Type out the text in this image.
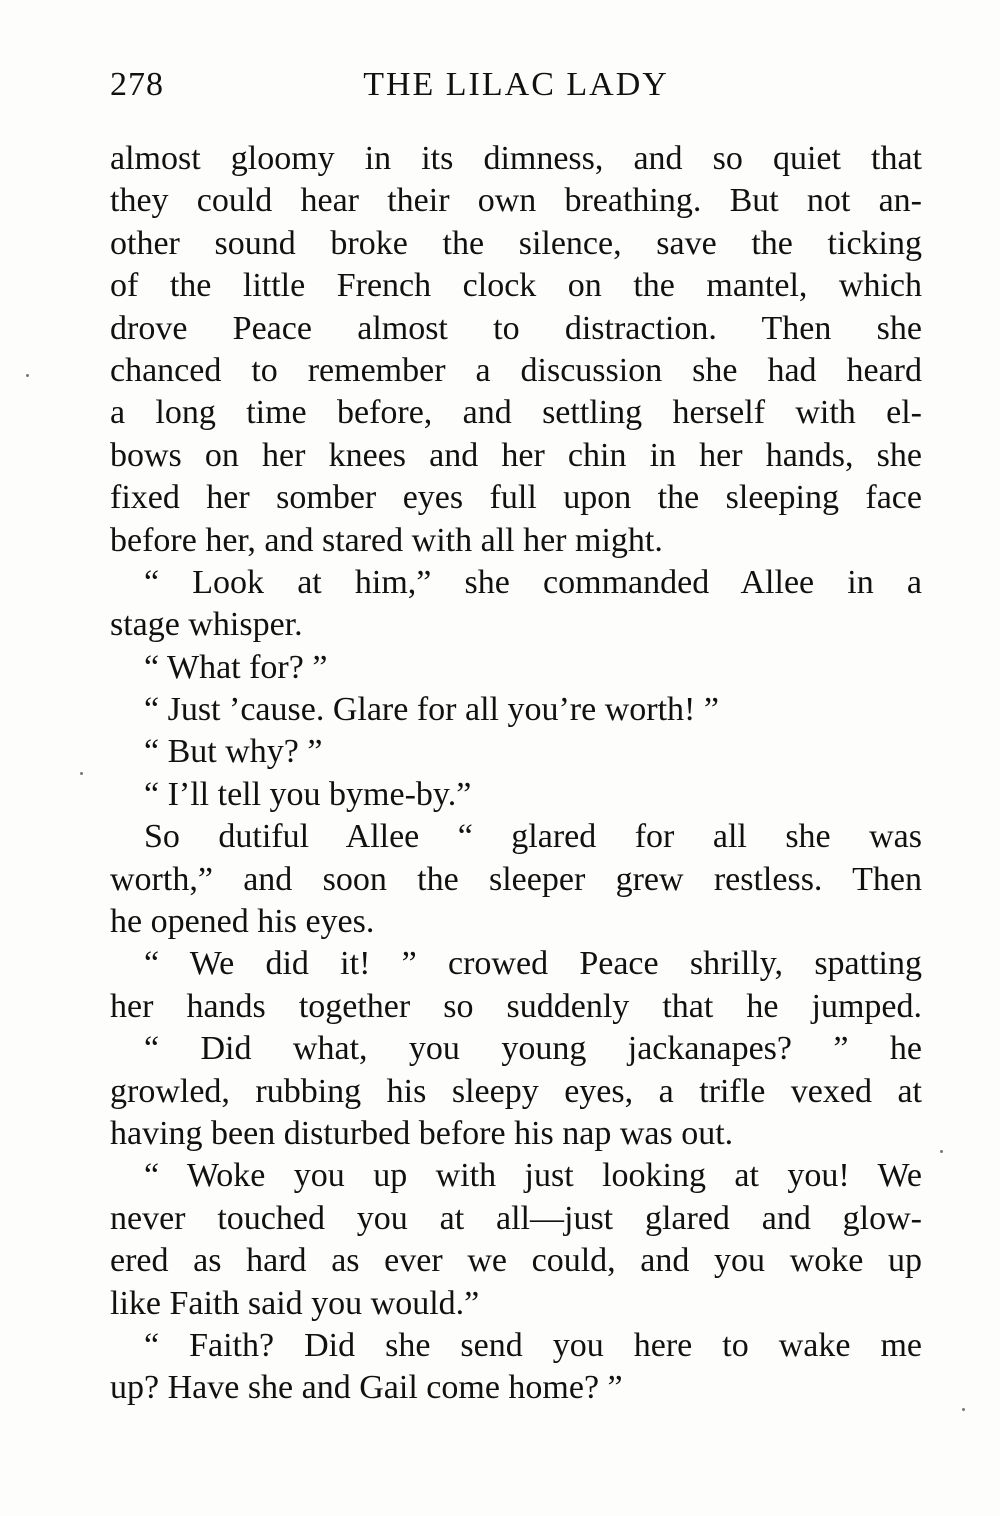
278	THE LILAC LADY
almost gloomy in its dimness, and so quiet that
they could hear their own breathing. But not an-
other sound broke the silence, save the ticking
of the little French clock on the mantel, which
drove Peace almost to distraction. Then she
chanced to remember a discussion she had heard
a long time before, and settling herself with el-
bows on her knees and her chin in her hands, she
fixed her somber eyes full upon the sleeping face
before her, and stared with all her might.
“ Look at him,” she commanded Allee in a
stage whisper.
“ What for? ”
“ Just ’cause. Glare for all you’re worth! ”
“ But why? ”
“ I’ll tell you byme-by.”
So dutiful Allee “ glared for all she was
worth,” and soon the sleeper grew restless. Then
he opened his eyes.
“ We did it! ” crowed Peace shrilly, spatting
her hands together so suddenly that he jumped.
“ Did what, you young jackanapes? ” he
growled, rubbing his sleepy eyes, a trifle vexed at
having been disturbed before his nap was out.
“ Woke you up with just looking at you! We
never touched you at all—just glared and glow-
ered as hard as ever we could, and you woke up
like Faith said you would.”
“ Faith? Did she send you here to wake me
up? Have she and Gail come home? ”
